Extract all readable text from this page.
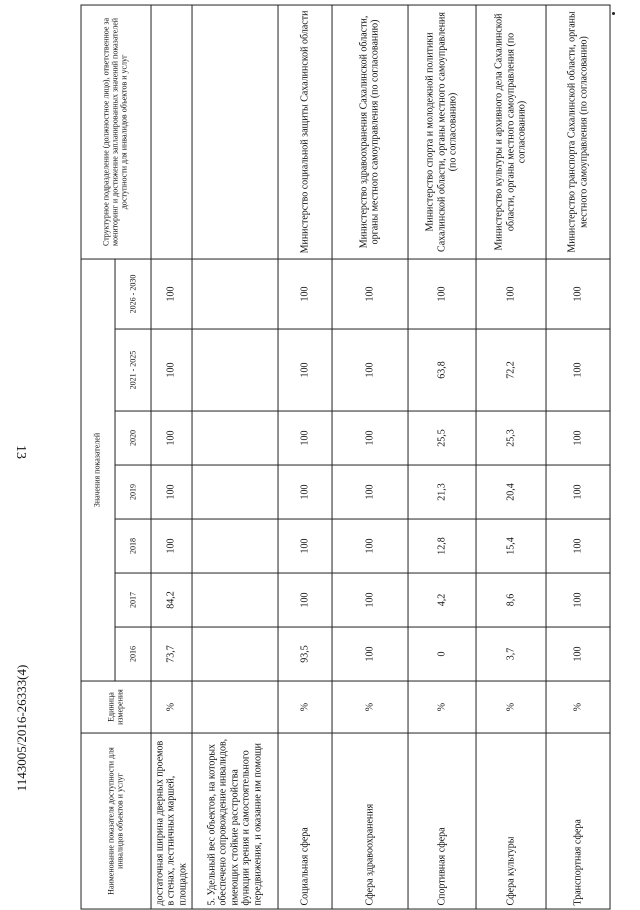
13
Наименование показателя доступности для инвалидов объектов и услуг	Единица измерения	Значения показателей							Структурное подразделение (должностное лицо), ответственное за мониторинг и достижение запланированных значений показателей доступности для инвалидов объектов и услуг
		2016	2017	2018	2019	2020	2021 - 2025	2026 - 2030	
достаточная ширина дверных проемов в стенах, лестничных маршей, площадок	%	73,7	84,2	100	100	100	100	100	
5. Удельный вес объектов, на которых обеспечено сопровождение инвалидов, имеющих стойкие расстройства функции зрения и самостоятельного передвижения, и оказание им помощи									
Социальная сфера	%	93,5	100	100	100	100	100	100	Министерство социальной защиты Сахалинской области
Сфера здравоохранения	%	100	100	100	100	100	100	100	Министерство здравоохранения Сахалинской области, органы местного самоуправления (по согласованию)
Спортивная сфера	%	0	4,2	12,8	21,3	25,5	63,8	100	Министерство спорта и молодежной политики Сахалинской области, органы местного самоуправления (по согласованию)
Сфера культуры	%	3,7	8,6	15,4	20,4	25,3	72,2	100	Министерство культуры и архивного дела Сахалинской области, органы местного самоуправления (по согласованию)
Транспортная сфера	%	100	100	100	100	100	100	100	Министерство транспорта Сахалинской области, органы местного самоуправления (по согласованию)
1143005/2016-26333(4)
